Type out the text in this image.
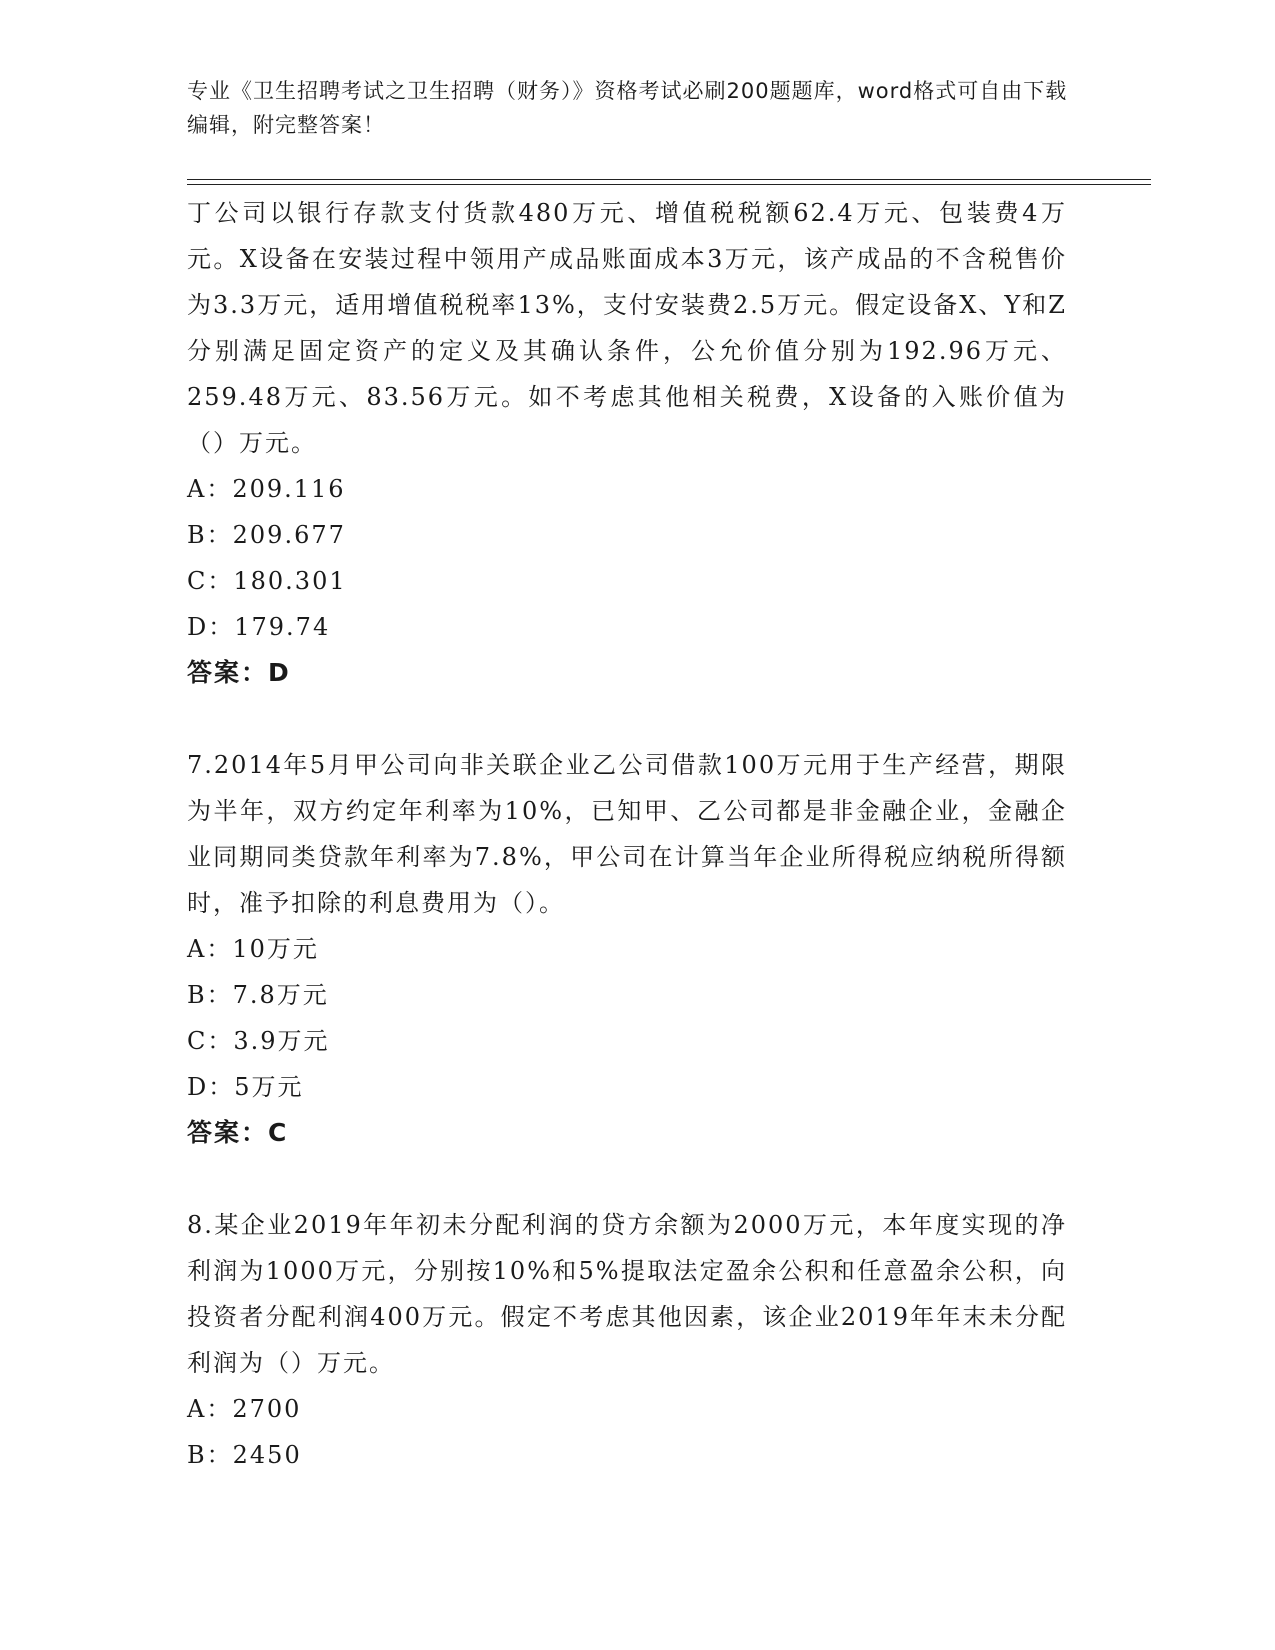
专业《卫生招聘考试之卫生招聘（财务）》资格考试必刷200题题库，word格式可自由下载编辑，附完整答案！

丁公司以银行存款支付货款480万元、增值税税额62.4万元、包装费4万元。X设备在安装过程中领用产成品账面成本3万元，该产成品的不含税售价为3.3万元，适用增值税税率13%，支付安装费2.5万元。假定设备X、Y和Z分别满足固定资产的定义及其确认条件，公允价值分别为192.96万元、259.48万元、83.56万元。如不考虑其他相关税费，X设备的入账价值为（）万元。

A：209.116

B：209.677

C：180.301

D：179.74

答案：D

7.2014年5月甲公司向非关联企业乙公司借款100万元用于生产经营，期限为半年，双方约定年利率为10%，已知甲、乙公司都是非金融企业，金融企业同期同类贷款年利率为7.8%，甲公司在计算当年企业所得税应纳税所得额时，准予扣除的利息费用为（）。

A：10万元

B：7.8万元

C：3.9万元

D：5万元

答案：C

8.某企业2019年年初未分配利润的贷方余额为2000万元，本年度实现的净利润为1000万元，分别按10%和5%提取法定盈余公积和任意盈余公积，向投资者分配利润400万元。假定不考虑其他因素，该企业2019年年末未分配利润为（）万元。

A：2700

B：2450
